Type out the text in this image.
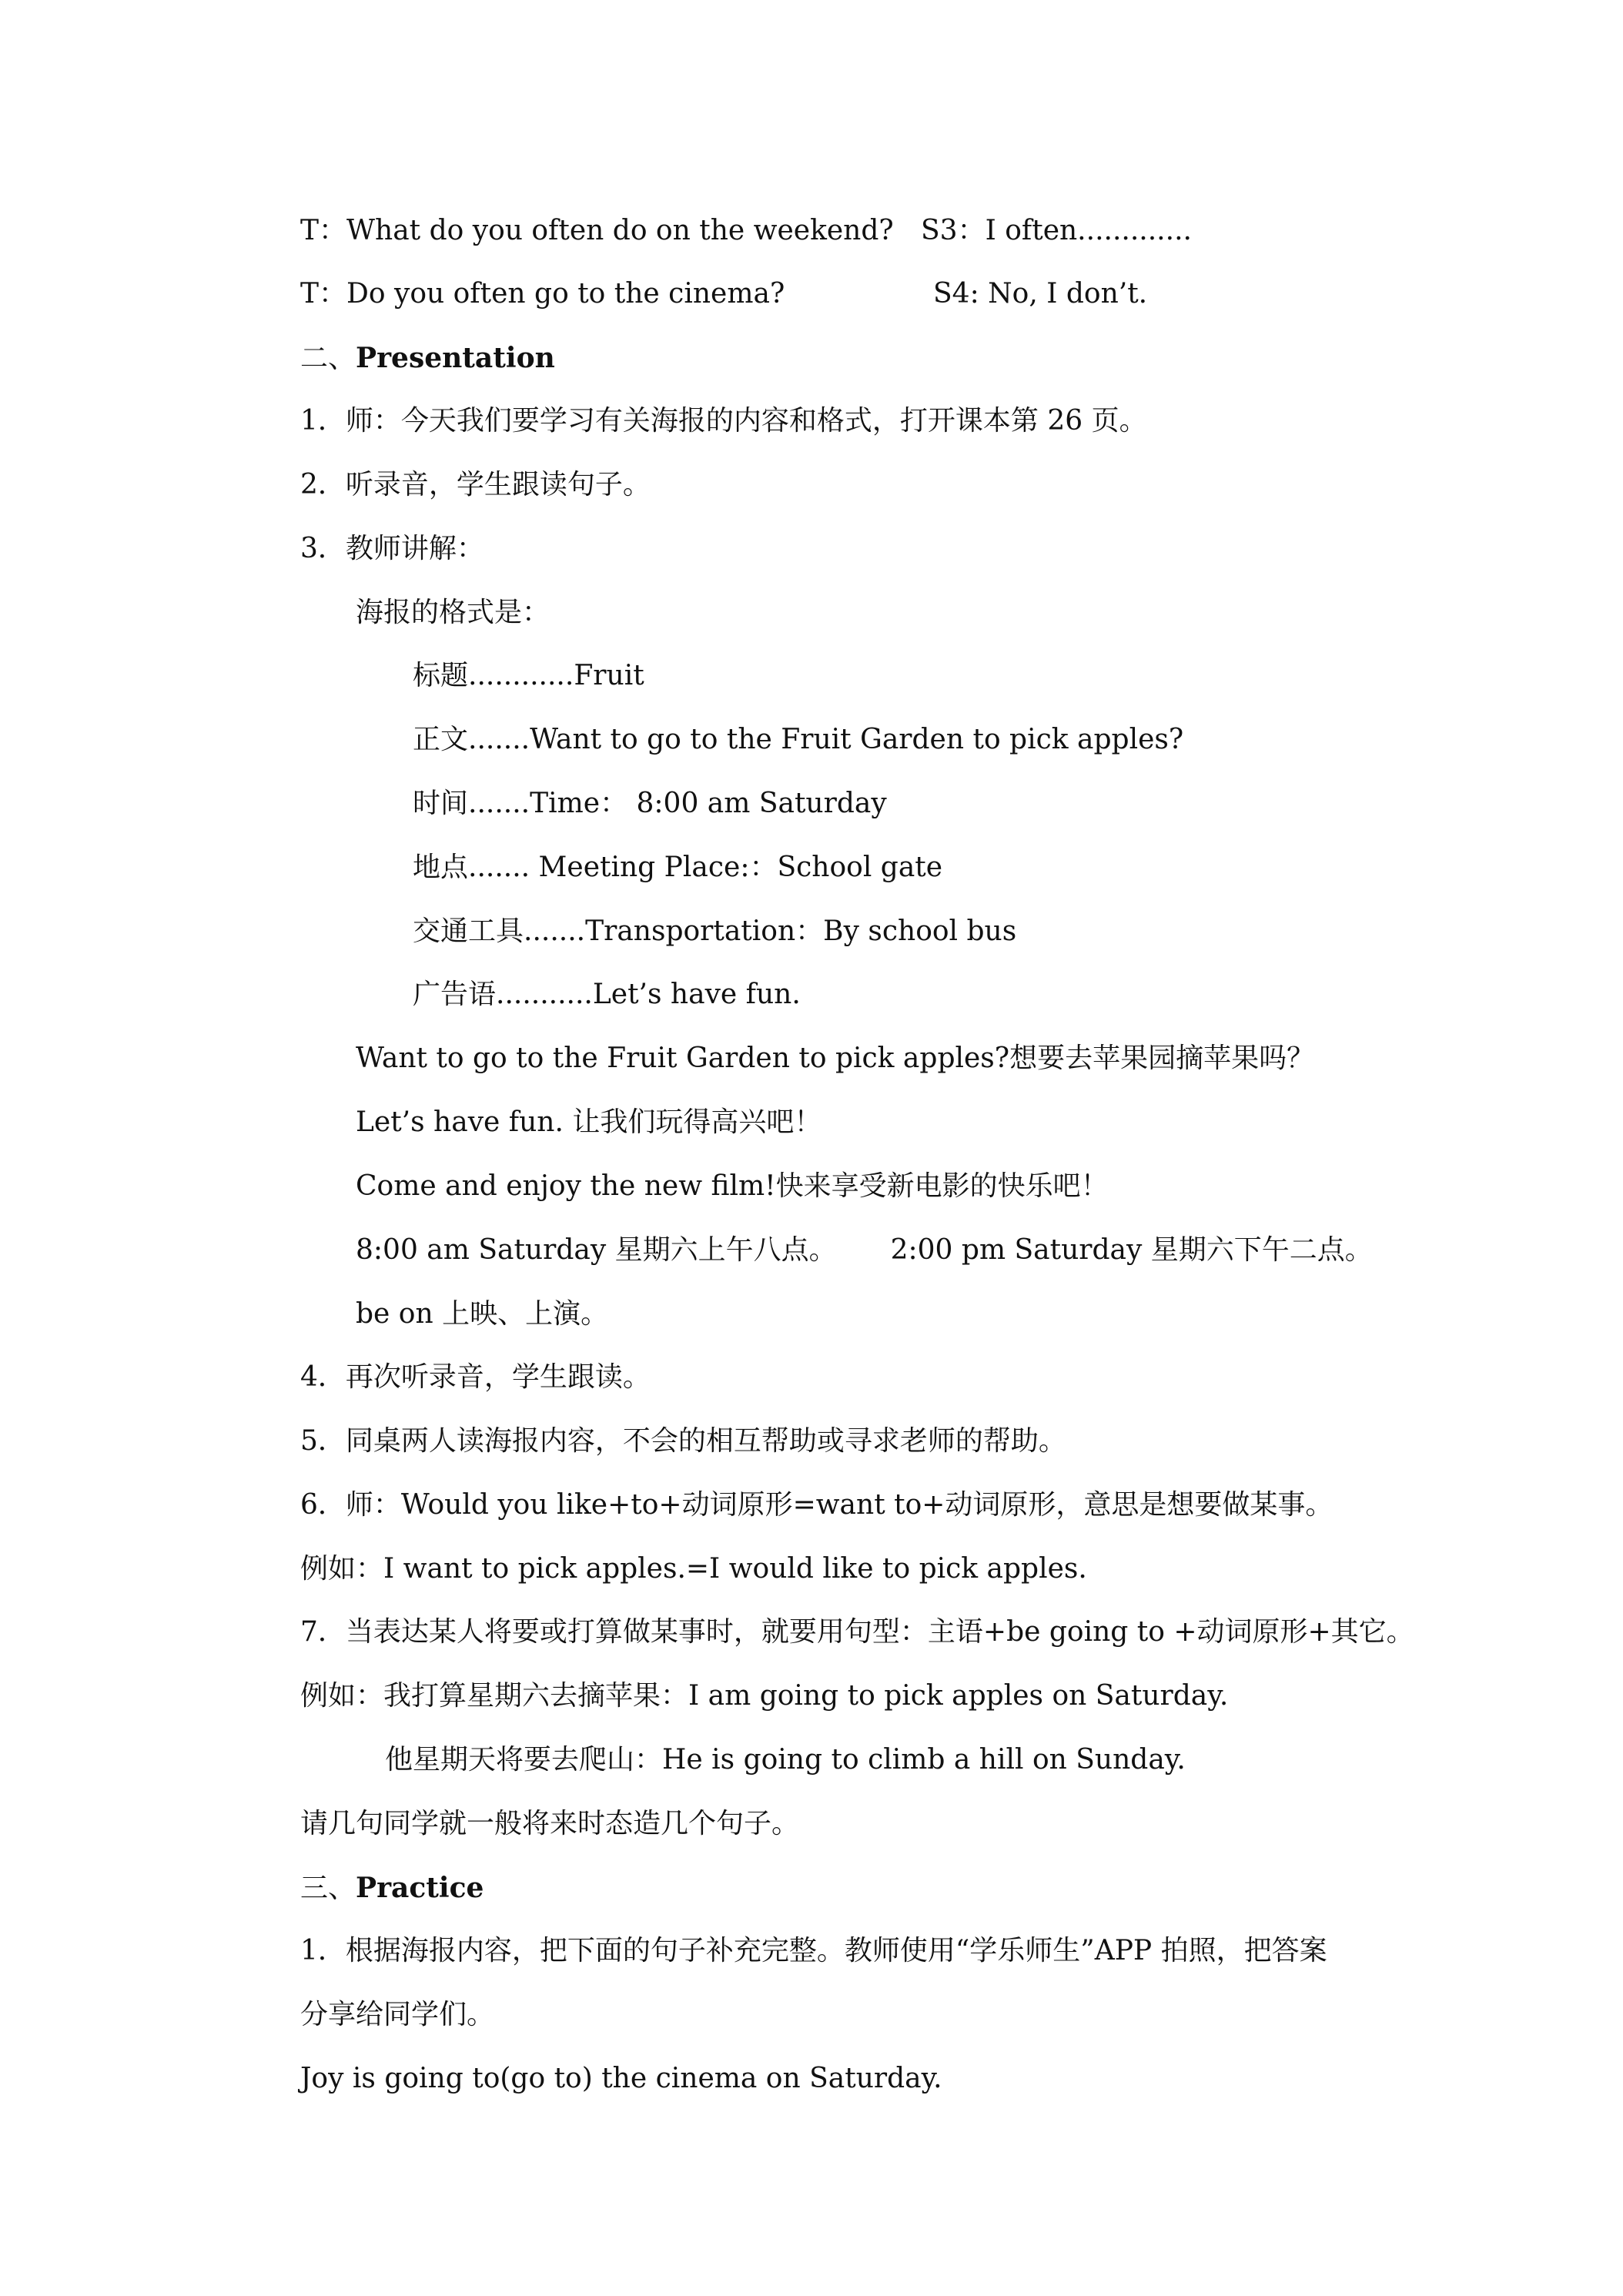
T：What do you often do on the weekend? S3：I often.............
T：Do you often go to the cinema?	S4: No, I don’t.
二、Presentation
1．师：今天我们要学习有关海报的内容和格式，打开课本第 26 页。
2．听录音，学生跟读句子。
3．教师讲解：
海报的格式是：
标题............Fruit
正文.......Want to go to the Fruit Garden to pick apples?
时间.......Time： 8:00 am Saturday
地点....... Meeting Place:：School gate
交通工具.......Transportation：By school bus
广告语...........Let’s have fun.
Want to go to the Fruit Garden to pick apples?想要去苹果园摘苹果吗？
Let’s have fun. 让我们玩得高兴吧！
Come and enjoy the new film!快来享受新电影的快乐吧！
8:00 am Saturday 星期六上午八点。 2:00 pm Saturday 星期六下午二点。
be on 上映、上演。
4．再次听录音，学生跟读。
5．同桌两人读海报内容，不会的相互帮助或寻求老师的帮助。
6．师：Would you like+to+动词原形=want to+动词原形，意思是想要做某事。
例如：I want to pick apples.=I would like to pick apples.
7．当表达某人将要或打算做某事时，就要用句型：主语+be going to +动词原形+其它。
例如：我打算星期六去摘苹果：I am going to pick apples on Saturday.
他星期天将要去爬山：He is going to climb a hill on Sunday.
请几句同学就一般将来时态造几个句子。
三、Practice
1．根据海报内容，把下面的句子补充完整。教师使用“学乐师生”APP 拍照，把答案
分享给同学们。
Joy is going to(go to) the cinema on Saturday.
